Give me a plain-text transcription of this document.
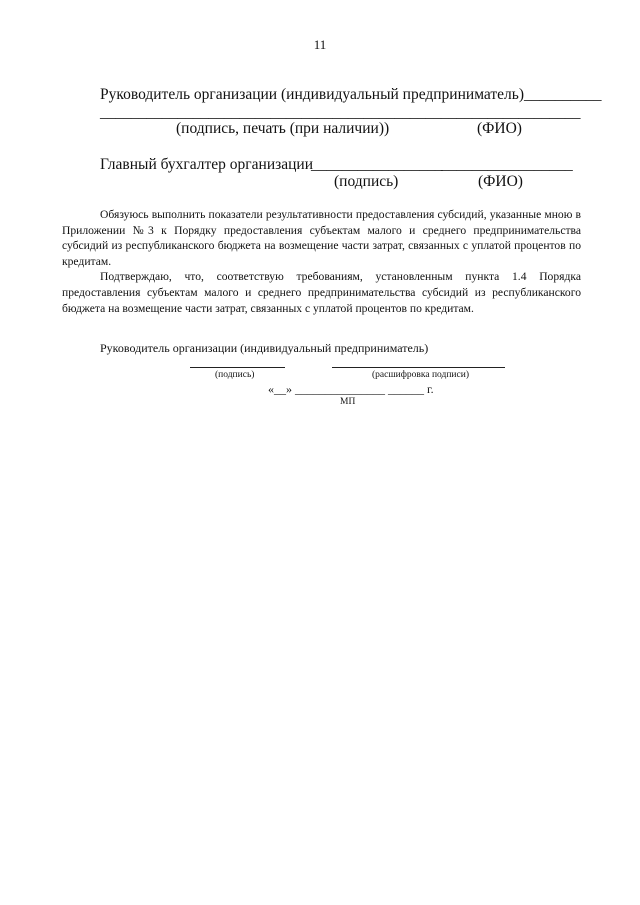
11
Руководитель организации (индивидуальный предприниматель)__________
____________________________________________ __________________
(подпись, печать (при наличии))	(ФИО)
Главный бухгалтер организации
_________________
_________________
(подпись)	(ФИО)

Обязуюсь выполнить показатели результативности предоставления субсидий, указанные мною в Приложении №3 к Порядку предоставления субъектам малого и среднего предпринимательства субсидий из республиканского бюджета на возмещение части затрат, связанных с уплатой процентов по кредитам.

Подтверждаю, что, соответствую требованиям, установленным пункта 1.4 Порядка предоставления субъектам малого и среднего предпринимательства субсидий из республиканского бюджета на возмещение части затрат, связанных с уплатой процентов по кредитам.

Руководитель организации (индивидуальный предприниматель)
(подпись)	(расшифровка подписи)
«__» _______________ ______ г.
МП
